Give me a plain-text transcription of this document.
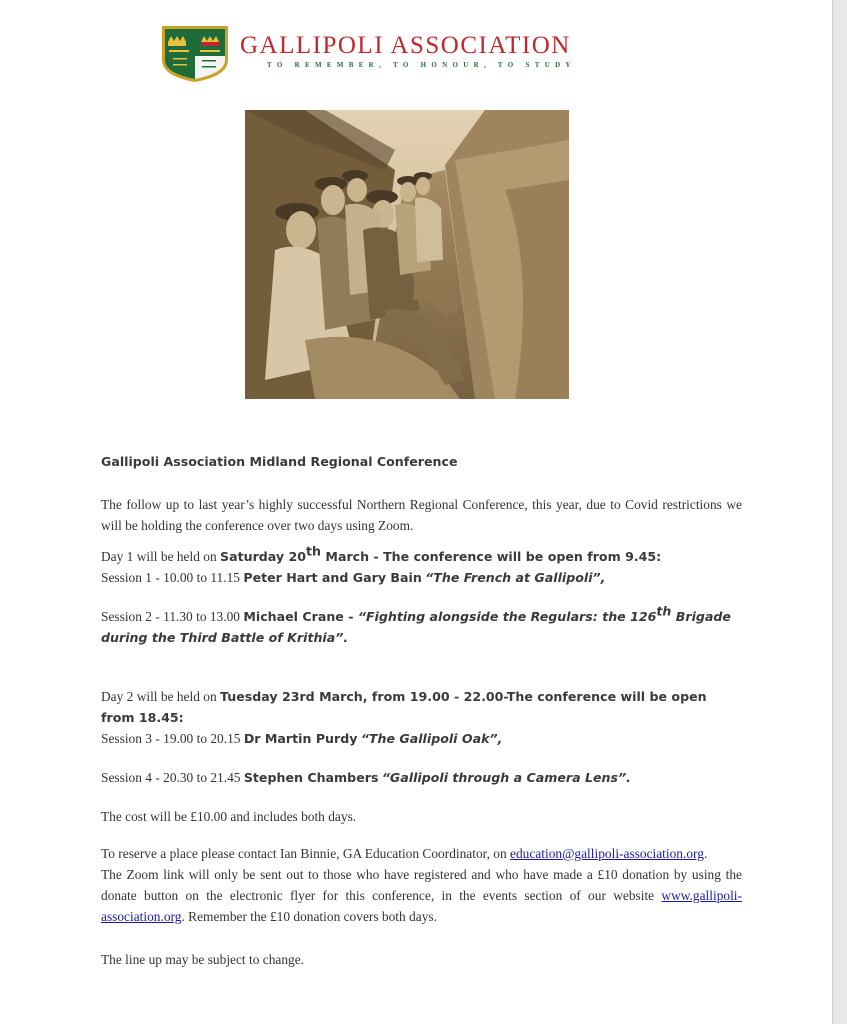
GALLIPOLI ASSOCIATION
TO REMEMBER, TO HONOUR, TO STUDY

Gallipoli Association Midland Regional Conference

The follow up to last year’s highly successful Northern Regional Conference, this year, due to Covid restrictions we will be holding the conference over two days using Zoom.

Day 1 will be held on Saturday 20th March - The conference will be open from 9.45:

Session 1 - 10.00 to 11.15 Peter Hart and Gary Bain “The French at Gallipoli”,

Session 2 - 11.30 to 13.00 Michael Crane - “Fighting alongside the Regulars: the 126th Brigade during the Third Battle of Krithia”.

Day 2 will be held on Tuesday 23rd March, from 19.00 - 22.00-The conference will be open from 18.45:

Session 3 - 19.00 to 20.15 Dr Martin Purdy “The Gallipoli Oak”,

Session 4 - 20.30 to 21.45 Stephen Chambers “Gallipoli through a Camera Lens”.

The cost will be £10.00 and includes both days.

To reserve a place please contact Ian Binnie, GA Education Coordinator, on education@gallipoli-association.org.

The Zoom link will only be sent out to those who have registered and who have made a £10 donation by using the donate button on the electronic flyer for this conference, in the events section of our website www.gallipoli-association.org. Remember the £10 donation covers both days.

The line up may be subject to change.
